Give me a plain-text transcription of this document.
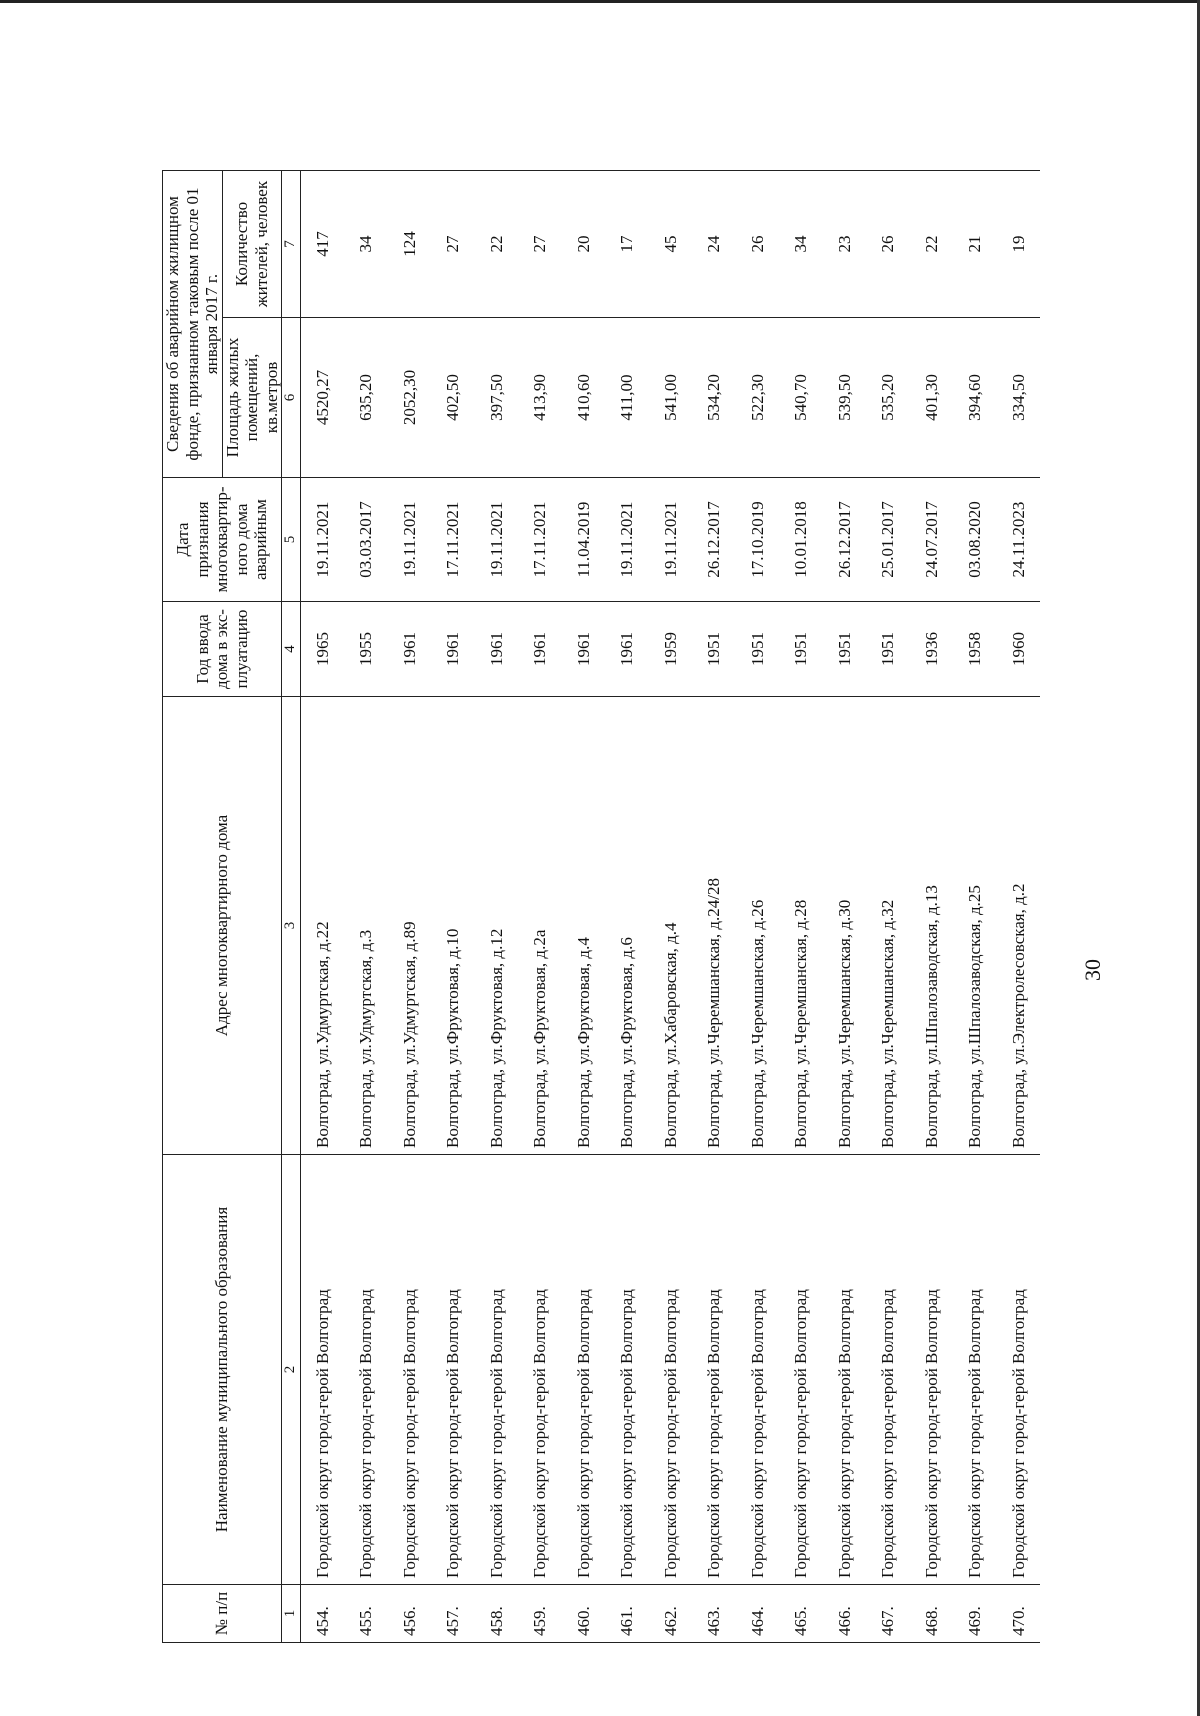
30
№ п/п	Наименование муниципального образования	Адрес многоквартирного дома	Год ввода дома в экс- плуатацию	Дата признания многоквартир- ного дома аварийным	Сведения об аварийном жилищном фонде, признанном таковым после 01 января 2017 г.	
					Площадь жилых помещений, кв.метров	Количество жителей, человек
1	2	3	4	5	6	7
454.	Городской округ город-герой Волгоград	Волгоград, ул.Удмуртская, д.22	1965	19.11.2021	4520,27	417
455.	Городской округ город-герой Волгоград	Волгоград, ул.Удмуртская, д.3	1955	03.03.2017	635,20	34
456.	Городской округ город-герой Волгоград	Волгоград, ул.Удмуртская, д.89	1961	19.11.2021	2052,30	124
457.	Городской округ город-герой Волгоград	Волгоград, ул.Фруктовая, д.10	1961	17.11.2021	402,50	27
458.	Городской округ город-герой Волгоград	Волгоград, ул.Фруктовая, д.12	1961	19.11.2021	397,50	22
459.	Городской округ город-герой Волгоград	Волгоград, ул.Фруктовая, д.2а	1961	17.11.2021	413,90	27
460.	Городской округ город-герой Волгоград	Волгоград, ул.Фруктовая, д.4	1961	11.04.2019	410,60	20
461.	Городской округ город-герой Волгоград	Волгоград, ул.Фруктовая, д.6	1961	19.11.2021	411,00	17
462.	Городской округ город-герой Волгоград	Волгоград, ул.Хабаровская, д.4	1959	19.11.2021	541,00	45
463.	Городской округ город-герой Волгоград	Волгоград, ул.Черемшанская, д.24/28	1951	26.12.2017	534,20	24
464.	Городской округ город-герой Волгоград	Волгоград, ул.Черемшанская, д.26	1951	17.10.2019	522,30	26
465.	Городской округ город-герой Волгоград	Волгоград, ул.Черемшанская, д.28	1951	10.01.2018	540,70	34
466.	Городской округ город-герой Волгоград	Волгоград, ул.Черемшанская, д.30	1951	26.12.2017	539,50	23
467.	Городской округ город-герой Волгоград	Волгоград, ул.Черемшанская, д.32	1951	25.01.2017	535,20	26
468.	Городской округ город-герой Волгоград	Волгоград, ул.Шпалозаводская, д.13	1936	24.07.2017	401,30	22
469.	Городской округ город-герой Волгоград	Волгоград, ул.Шпалозаводская, д.25	1958	03.08.2020	394,60	21
470.	Городской округ город-герой Волгоград	Волгоград, ул.Электролесовская, д.2	1960	24.11.2023	334,50	19
